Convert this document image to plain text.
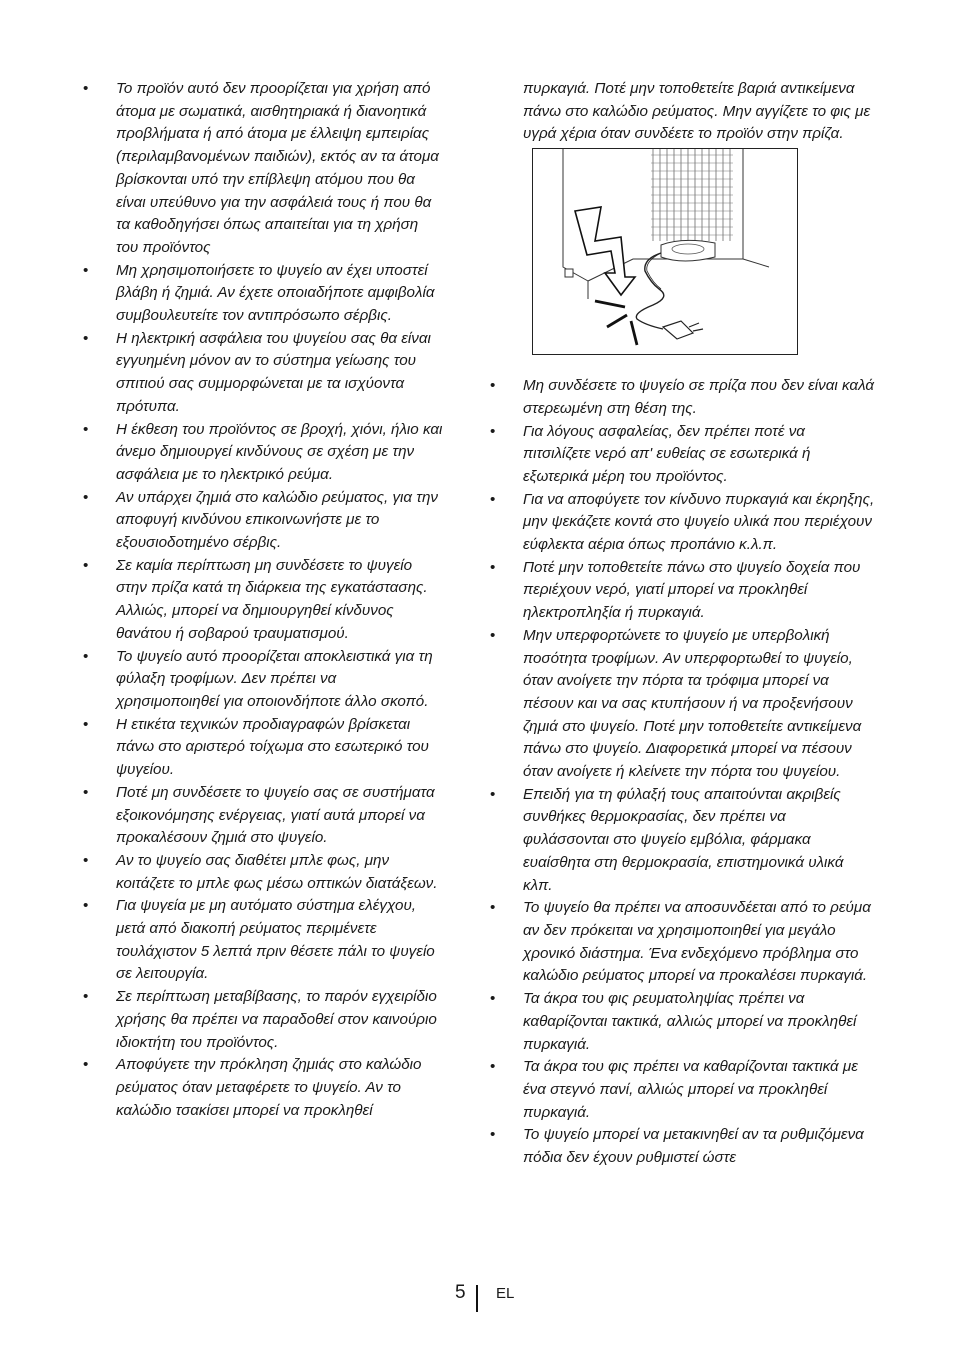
• Το προϊόν αυτό δεν προορίζεται για χρήση από άτομα με σωματικά, αισθητηριακά ή διανοητικά προβλήματα ή από άτομα με έλλειψη εμπειρίας (περιλαμβανομένων παιδιών), εκτός αν τα άτομα βρίσκονται υπό την επίβλεψη ατόμου που θα είναι υπεύθυνο για την ασφάλειά τους ή που θα τα καθοδηγήσει όπως απαιτείται για τη χρήση του προϊόντος

• Μη χρησιμοποιήσετε το ψυγείο αν έχει υποστεί βλάβη ή ζημιά. Αν έχετε οποιαδήποτε αμφιβολία συμβουλευτείτε τον αντιπρόσωπο σέρβις.

• Η ηλεκτρική ασφάλεια του ψυγείου σας θα είναι εγγυημένη μόνον αν το σύστημα γείωσης του σπιτιού σας συμμορφώνεται με τα ισχύοντα πρότυπα.

• Η έκθεση του προϊόντος σε βροχή, χιόνι, ήλιο και άνεμο δημιουργεί κινδύνους σε σχέση με την ασφάλεια με το ηλεκτρικό ρεύμα.

• Αν υπάρχει ζημιά στο καλώδιο ρεύματος, για την αποφυγή κινδύνου επικοινωνήστε με το εξουσιοδοτημένο σέρβις.

• Σε καμία περίπτωση μη συνδέσετε το ψυγείο στην πρίζα κατά τη διάρκεια της εγκατάστασης. Αλλιώς, μπορεί να δημιουργηθεί κίνδυνος θανάτου ή σοβαρού τραυματισμού.

• Το ψυγείο αυτό προορίζεται αποκλειστικά για τη φύλαξη τροφίμων. Δεν πρέπει να χρησιμοποιηθεί για οποιονδήποτε άλλο σκοπό.

• Η ετικέτα τεχνικών προδιαγραφών βρίσκεται πάνω στο αριστερό τοίχωμα στο εσωτερικό του ψυγείου.

• Ποτέ μη συνδέσετε το ψυγείο σας σε συστήματα εξοικονόμησης ενέργειας, γιατί αυτά μπορεί να προκαλέσουν ζημιά στο ψυγείο.

• Αν το ψυγείο σας διαθέτει μπλε φως, μην κοιτάζετε το μπλε φως μέσω οπτικών διατάξεων.

• Για ψυγεία με μη αυτόματο σύστημα ελέγχου, μετά από διακοπή ρεύματος περιμένετε τουλάχιστον 5 λεπτά πριν θέσετε πάλι το ψυγείο σε λειτουργία.

• Σε περίπτωση μεταβίβασης, το παρόν εγχειρίδιο χρήσης θα πρέπει να παραδοθεί στον καινούριο ιδιοκτήτη του προϊόντος.

• Αποφύγετε την πρόκληση ζημιάς στο καλώδιο ρεύματος όταν μεταφέρετε το ψυγείο. Αν το καλώδιο τσακίσει μπορεί να προκληθεί

πυρκαγιά. Ποτέ μην τοποθετείτε βαριά αντικείμενα πάνω στο καλώδιο ρεύματος. Μην αγγίζετε το φις με υγρά χέρια όταν συνδέετε το προϊόν στην πρίζα.

• Μη συνδέσετε το ψυγείο σε πρίζα που δεν είναι καλά στερεωμένη στη θέση της.

• Για λόγους ασφαλείας, δεν πρέπει ποτέ να πιτσιλίζετε νερό απ' ευθείας σε εσωτερικά ή εξωτερικά μέρη του προϊόντος.

• Για να αποφύγετε τον κίνδυνο πυρκαγιά και έκρηξης, μην ψεκάζετε κοντά στο ψυγείο υλικά που περιέχουν εύφλεκτα αέρια όπως προπάνιο κ.λ.π.

• Ποτέ μην τοποθετείτε πάνω στο ψυγείο δοχεία που περιέχουν νερό, γιατί μπορεί να προκληθεί ηλεκτροπληξία ή πυρκαγιά.

• Μην υπερφορτώνετε το ψυγείο με υπερβολική ποσότητα τροφίμων. Αν υπερφορτωθεί το ψυγείο, όταν ανοίγετε την πόρτα τα τρόφιμα μπορεί να πέσουν και να σας κτυπήσουν ή να προξενήσουν ζημιά στο ψυγείο. Ποτέ μην τοποθετείτε αντικείμενα πάνω στο ψυγείο. Διαφορετικά μπορεί να πέσουν όταν ανοίγετε ή κλείνετε την πόρτα του ψυγείου.

• Επειδή για τη φύλαξή τους απαιτούνται ακριβείς συνθήκες θερμοκρασίας, δεν πρέπει να φυλάσσονται στο ψυγείο εμβόλια, φάρμακα ευαίσθητα στη θερμοκρασία, επιστημονικά υλικά κλπ.

• Το ψυγείο θα πρέπει να αποσυνδέεται από το ρεύμα αν δεν πρόκειται να χρησιμοποιηθεί για μεγάλο χρονικό διάστημα. Ένα ενδεχόμενο πρόβλημα στο καλώδιο ρεύματος μπορεί να προκαλέσει πυρκαγιά.

• Τα άκρα του φις ρευματοληψίας πρέπει να καθαρίζονται τακτικά, αλλιώς μπορεί να προκληθεί πυρκαγιά.

• Τα άκρα του φις πρέπει να καθαρίζονται τακτικά με ένα στεγνό πανί, αλλιώς μπορεί να προκληθεί πυρκαγιά.

• Το ψυγείο μπορεί να μετακινηθεί αν τα ρυθμιζόμενα πόδια δεν έχουν ρυθμιστεί ώστε

5 EL
